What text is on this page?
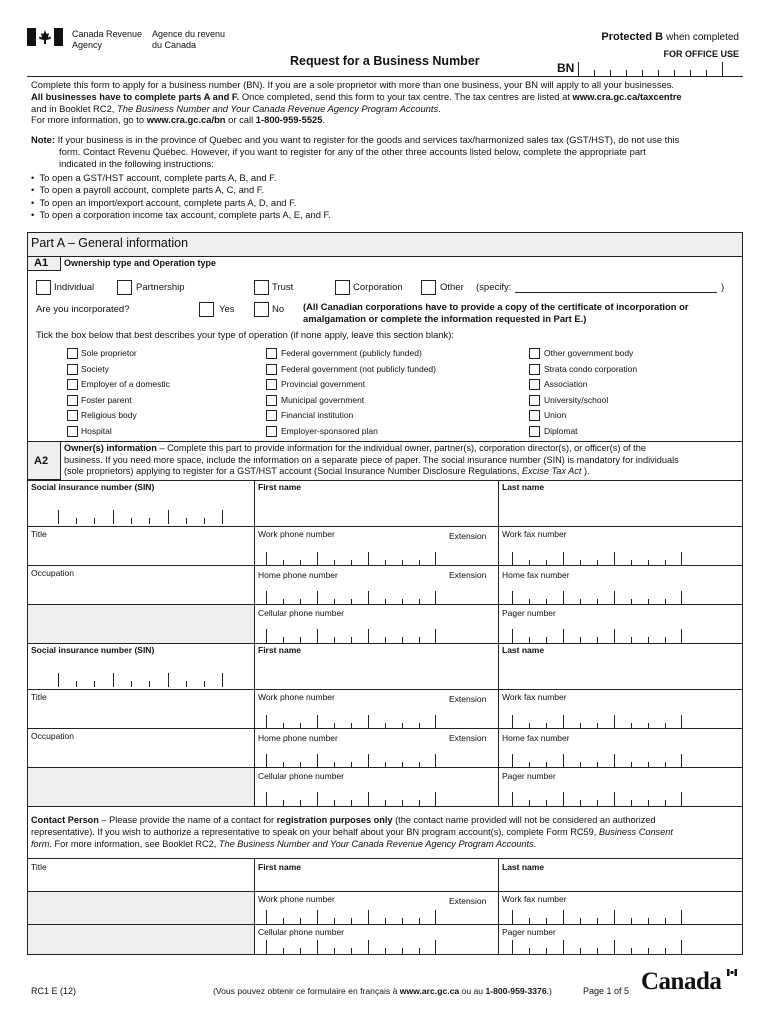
Canada Revenue
Agency
Agence du revenu
du Canada
Protected B when completed
FOR OFFICE USE
Request for a Business Number	BN
Complete this form to apply for a business number (BN). If you are a sole proprietor with more than one business, your BN will apply to all your businesses.
All businesses have to complete parts A and F. Once completed, send this form to your tax centre. The tax centres are listed at www.cra.gc.ca/taxcentre
and in Booklet RC2, The Business Number and Your Canada Revenue Agency Program Accounts.
For more information, go to www.cra.gc.ca/bn or call 1-800-959-5525.
Note: If your business is in the province of Quebec and you want to register for the goods and services tax/harmonized sales tax (GST/HST), do not use this
form. Contact Revenu Québec. However, if you want to register for any of the other three accounts listed below, complete the appropriate part
indicated in the following instructions:
•  To open a GST/HST account, complete parts A, B, and F.
•  To open a payroll account, complete parts A, C, and F.
•  To open an import/export account, complete parts A, D, and F.
•  To open a corporation income tax account, complete parts A, E, and F.
Part A – General information
A1 Ownership type and Operation type
Individual	Partnership	Trust	Corporation	Other (specify:	)
Are you incorporated?	Yes	No (All Canadian corporations have to provide a copy of the certificate of incorporation or
amalgamation or complete the information requested in Part E.)
Tick the box below that best describes your type of operation (if none apply, leave this section blank):
Sole proprietor
Society
Employer of a domestic
Foster parent
Religious body
Hospital
Federal government (publicly funded)
Federal government (not publicly funded)
Provincial government
Municipal government
Financial institution
Employer-sponsored plan
Other government body
Strata condo corporation
Association
University/school
Union
Diplomat
A2
Owner(s) information – Complete this part to provide information for the individual owner, partner(s), corporation director(s), or officer(s) of the
business. If you need more space, include the information on a separate piece of paper. The social insurance number (SIN) is mandatory for individuals
(sole proprietors) applying to register for a GST/HST account (Social Insurance Number Disclosure Regulations, Excise Tax Act ).
Social insurance number (SIN)	First name	Last name
Title	Work phone number	Extension Work fax number
Occupation	Home phone number	Extension Home fax number
Cellular phone number	Pager number
Social insurance number (SIN)	First name	Last name
Title	Work phone number	Extension Work fax number
Occupation	Home phone number	Extension Home fax number
Cellular phone number	Pager number
Contact Person – Please provide the name of a contact for registration purposes only (the contact name provided will not be considered an authorized
representative). If you wish to authorize a representative to speak on your behalf about your BN program account(s), complete Form RC59, Business Consent
form. For more information, see Booklet RC2, The Business Number and Your Canada Revenue Agency Program Accounts.
Title	First name	Last name
Work phone number	Extension Work fax number
Cellular phone number	Pager number
RC1 E (12)	(Vous pouvez obtenir ce formulaire en français à www.arc.gc.ca ou au 1-800-959-3376.)	Page 1 of 5 Canada
